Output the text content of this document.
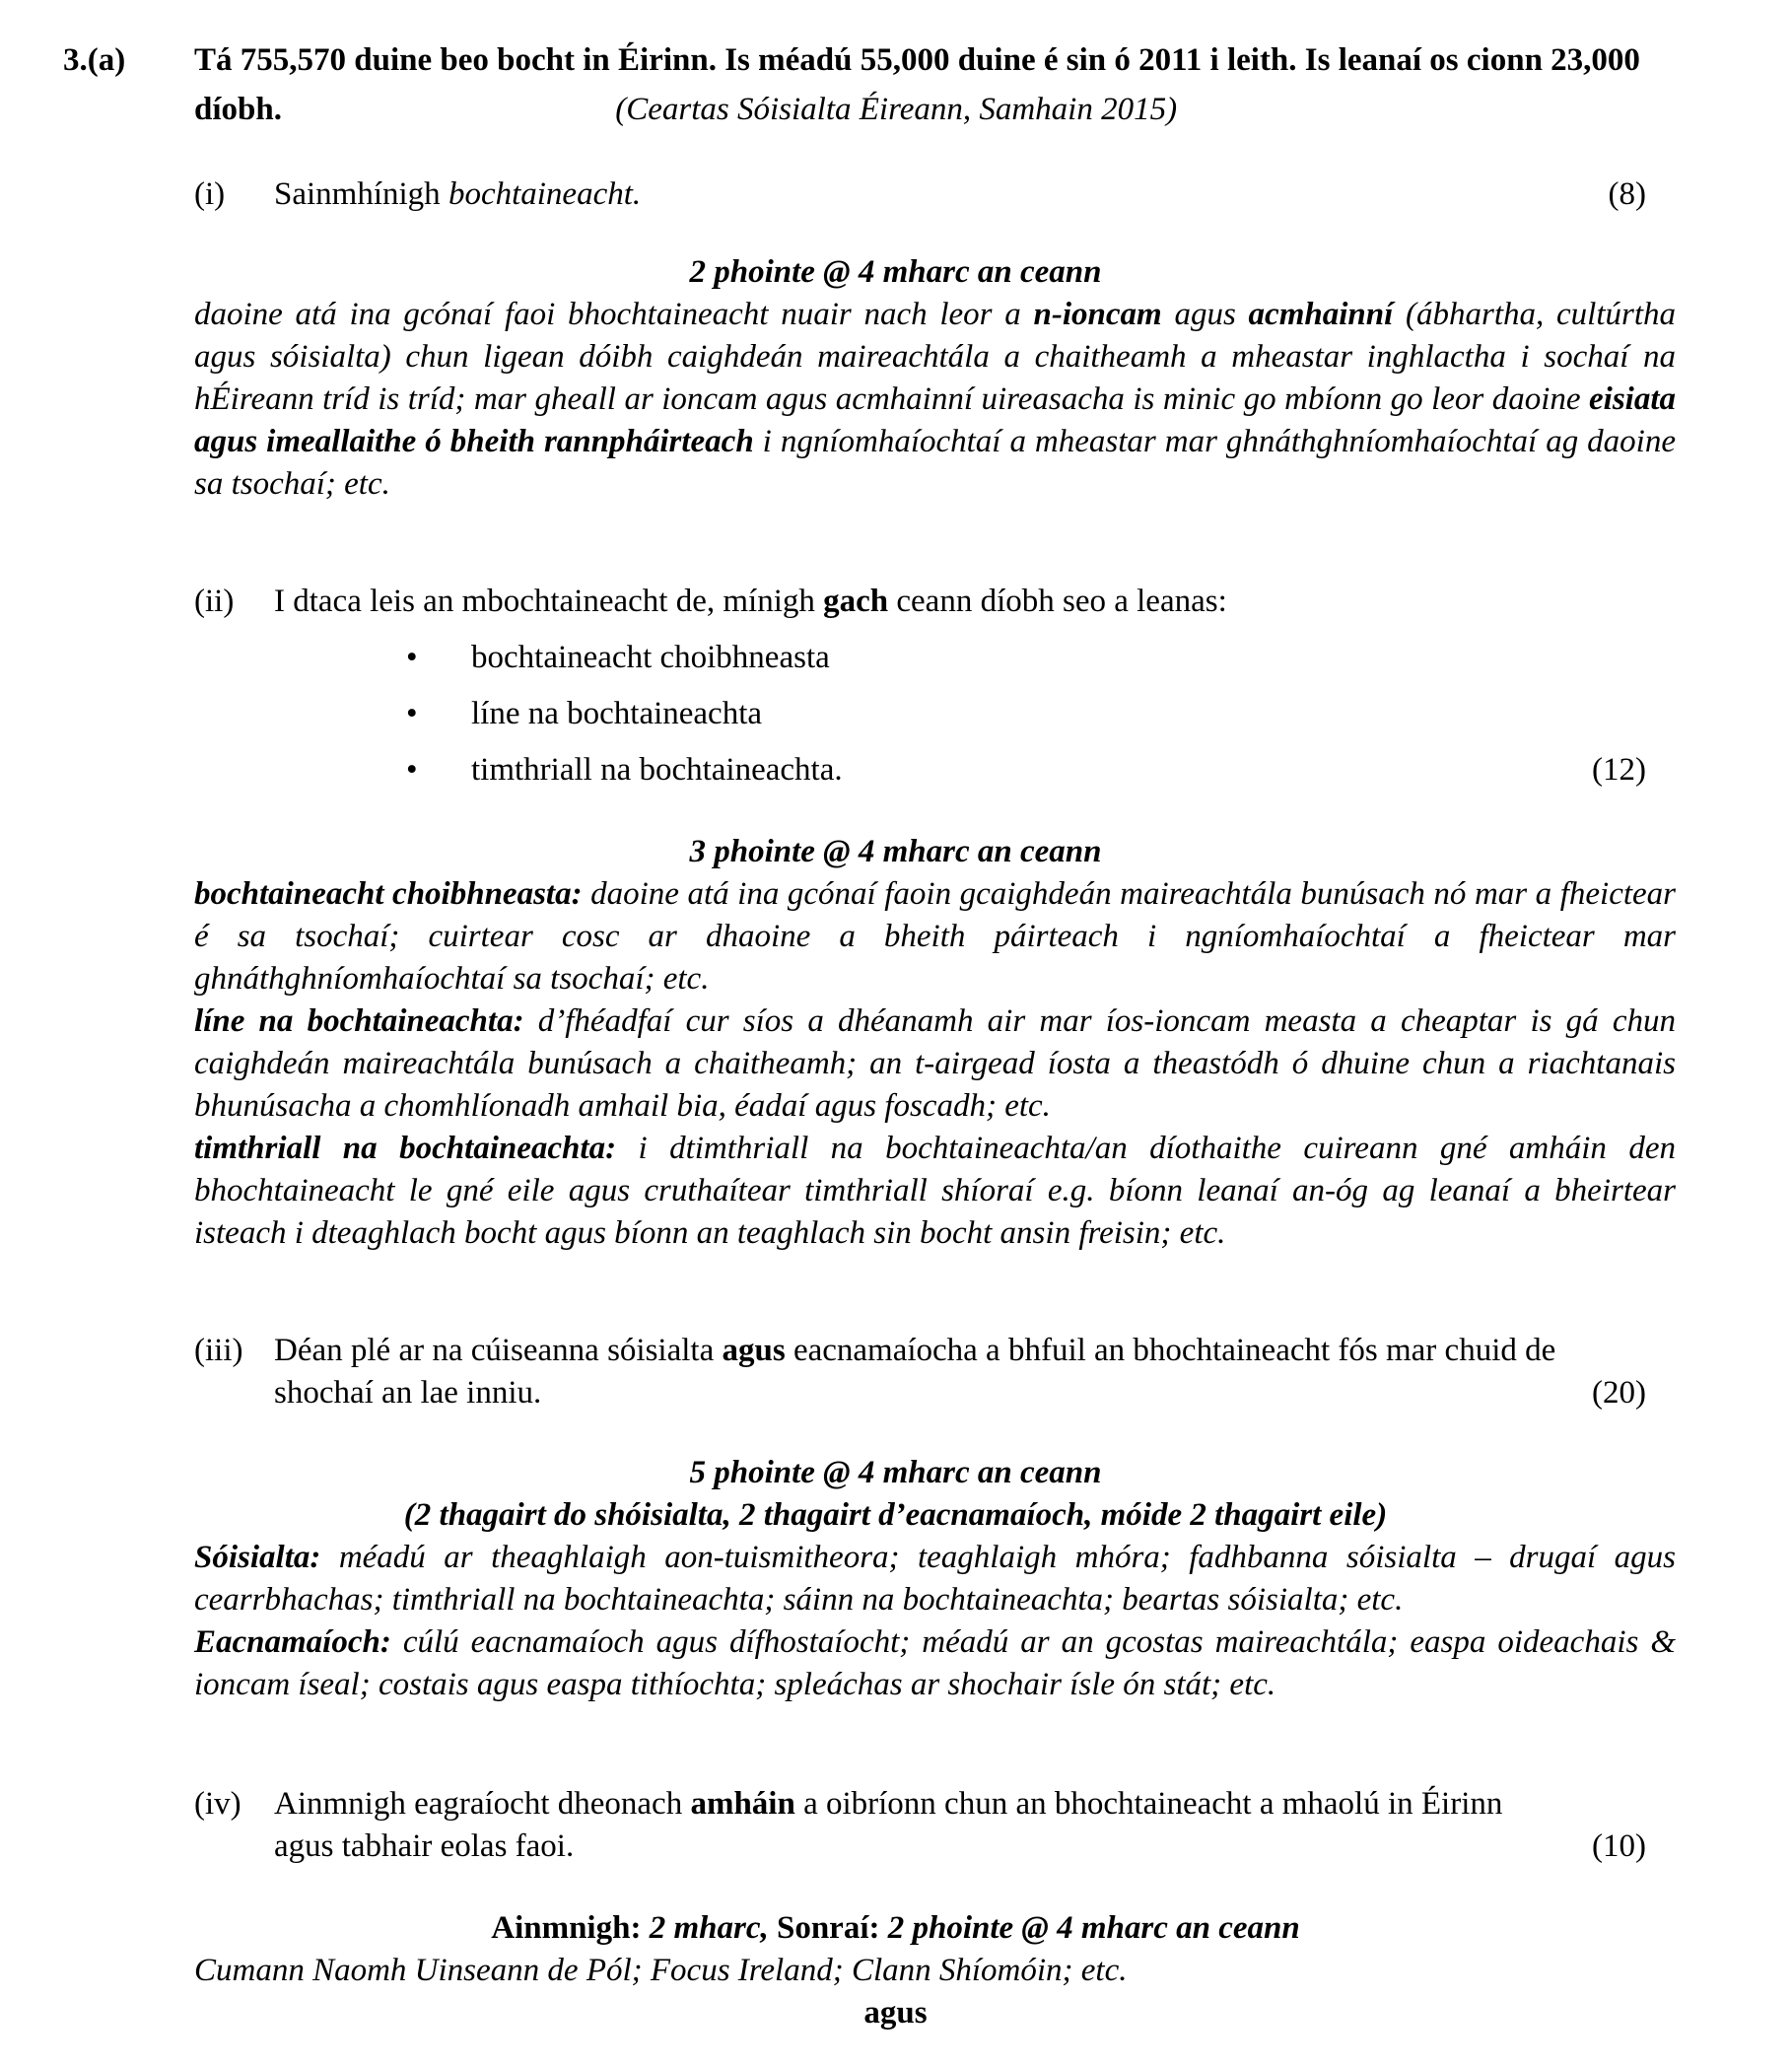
3.(a)	Tá 755,570 duine beo bocht in Éirinn. Is méadú 55,000 duine é sin ó 2011 i leith. Is leanaí os cionn 23,000 díobh.	(Ceartas Sóisialta Éireann, Samhain 2015)
(i)	Sainmhínigh bochtaineacht.	(8)
2 phointe @ 4 mharc an ceann

daoine atá ina gcónaí faoi bhochtaineacht nuair nach leor a n-ioncam agus acmhainní (ábhartha, cultúrtha agus sóisialta) chun ligean dóibh caighdeán maireachtála a chaitheamh a mheastar inghlactha i sochaí na hÉireann tríd is tríd; mar gheall ar ioncam agus acmhainní uireasacha is minic go mbíonn go leor daoine eisiata agus imeallaithe ó bheith rannpháirteach i ngníomhaíochtaí a mheastar mar ghnáthghníomhaíochtaí ag daoine sa tsochaí; etc.

(ii)	I dtaca leis an mbochtaineacht de, mínigh gach ceann díobh seo a leanas:
•	bochtaineacht choibhneasta
•	líne na bochtaineachta
•	timthriall na bochtaineachta.	(12)
3 phointe @ 4 mharc an ceann

bochtaineacht choibhneasta: daoine atá ina gcónaí faoin gcaighdeán maireachtála bunúsach nó mar a fheictear é sa tsochaí; cuirtear cosc ar dhaoine a bheith páirteach i ngníomhaíochtaí a fheictear mar ghnáthghníomhaíochtaí sa tsochaí; etc.

líne na bochtaineachta: d’fhéadfaí cur síos a dhéanamh air mar íos-ioncam measta a cheaptar is gá chun caighdeán maireachtála bunúsach a chaitheamh; an t-airgead íosta a theastódh ó dhuine chun a riachtanais bhunúsacha a chomhlíonadh amhail bia, éadaí agus foscadh; etc.

timthriall na bochtaineachta: i dtimthriall na bochtaineachta/an díothaithe cuireann gné amháin den bhochtaineacht le gné eile agus cruthaítear timthriall shíoraí e.g. bíonn leanaí an-óg ag leanaí a bheirtear isteach i dteaghlach bocht agus bíonn an teaghlach sin bocht ansin freisin; etc.

(iii) Déan plé ar na cúiseanna sóisialta agus eacnamaíocha a bhfuil an bhochtaineacht fós mar chuid de shochaí an lae inniu.	(20)
5 phointe @ 4 mharc an ceann
(2 thagairt do shóisialta, 2 thagairt d’eacnamaíoch, móide 2 thagairt eile)

Sóisialta: méadú ar theaghlaigh aon-tuismitheora; teaghlaigh mhóra; fadhbanna sóisialta – drugaí agus cearrbhachas; timthriall na bochtaineachta; sáinn na bochtaineachta; beartas sóisialta; etc.

Eacnamaíoch: cúlú eacnamaíoch agus dífhostaíocht; méadú ar an gcostas maireachtála; easpa oideachais & ioncam íseal; costais agus easpa tithíochta; spleáchas ar shochair ísle ón stát; etc.

(iv)	Ainmnigh eagraíocht dheonach amháin a oibríonn chun an bhochtaineacht a mhaolú in Éirinn agus tabhair eolas faoi.	(10)
Ainmnigh: 2 mharc, Sonraí: 2 phointe @ 4 mharc an ceann
Cumann Naomh Uinseann de Pól; Focus Ireland; Clann Shíomóin; etc.
agus
